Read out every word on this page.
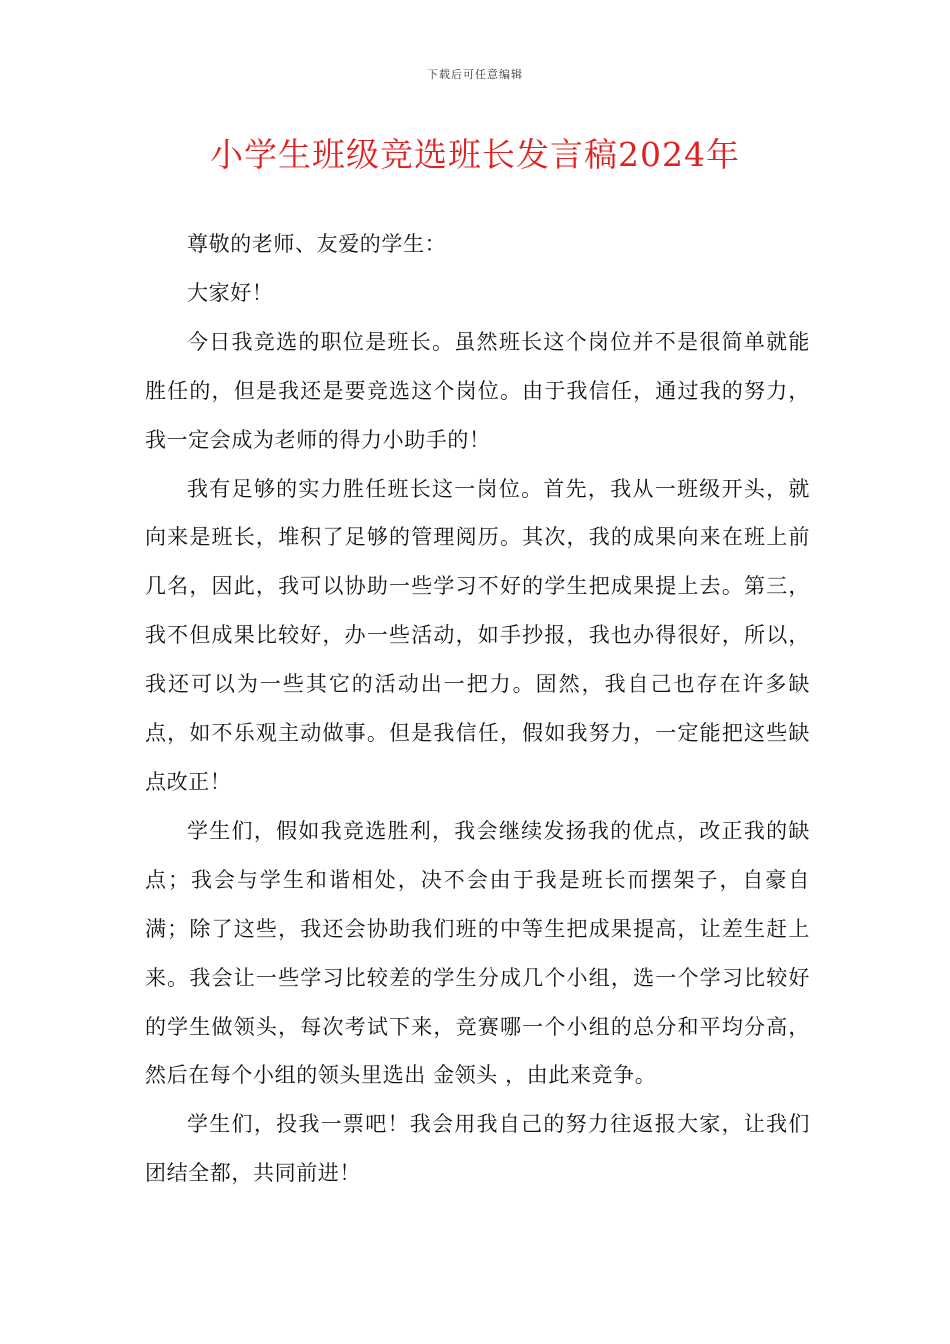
下载后可任意编辑
小学生班级竞选班长发言稿2024年

尊敬的老师、友爱的学生：

大家好！

今日我竞选的职位是班长。虽然班长这个岗位并不是很简单就能胜任的，但是我还是要竞选这个岗位。由于我信任，通过我的努力，我一定会成为老师的得力小助手的！

我有足够的实力胜任班长这一岗位。首先，我从一班级开头，就向来是班长，堆积了足够的管理阅历。其次，我的成果向来在班上前几名，因此，我可以协助一些学习不好的学生把成果提上去。第三，我不但成果比较好，办一些活动，如手抄报，我也办得很好，所以，我还可以为一些其它的活动出一把力。固然，我自己也存在许多缺点，如不乐观主动做事。但是我信任，假如我努力，一定能把这些缺点改正！

学生们，假如我竞选胜利，我会继续发扬我的优点，改正我的缺点；我会与学生和谐相处，决不会由于我是班长而摆架子，自豪自满；除了这些，我还会协助我们班的中等生把成果提高，让差生赶上来。我会让一些学习比较差的学生分成几个小组，选一个学习比较好的学生做领头，每次考试下来，竞赛哪一个小组的总分和平均分高，然后在每个小组的领头里选出 金领头 ，由此来竞争。

学生们，投我一票吧！我会用我自己的努力往返报大家，让我们团结全都，共同前进！
